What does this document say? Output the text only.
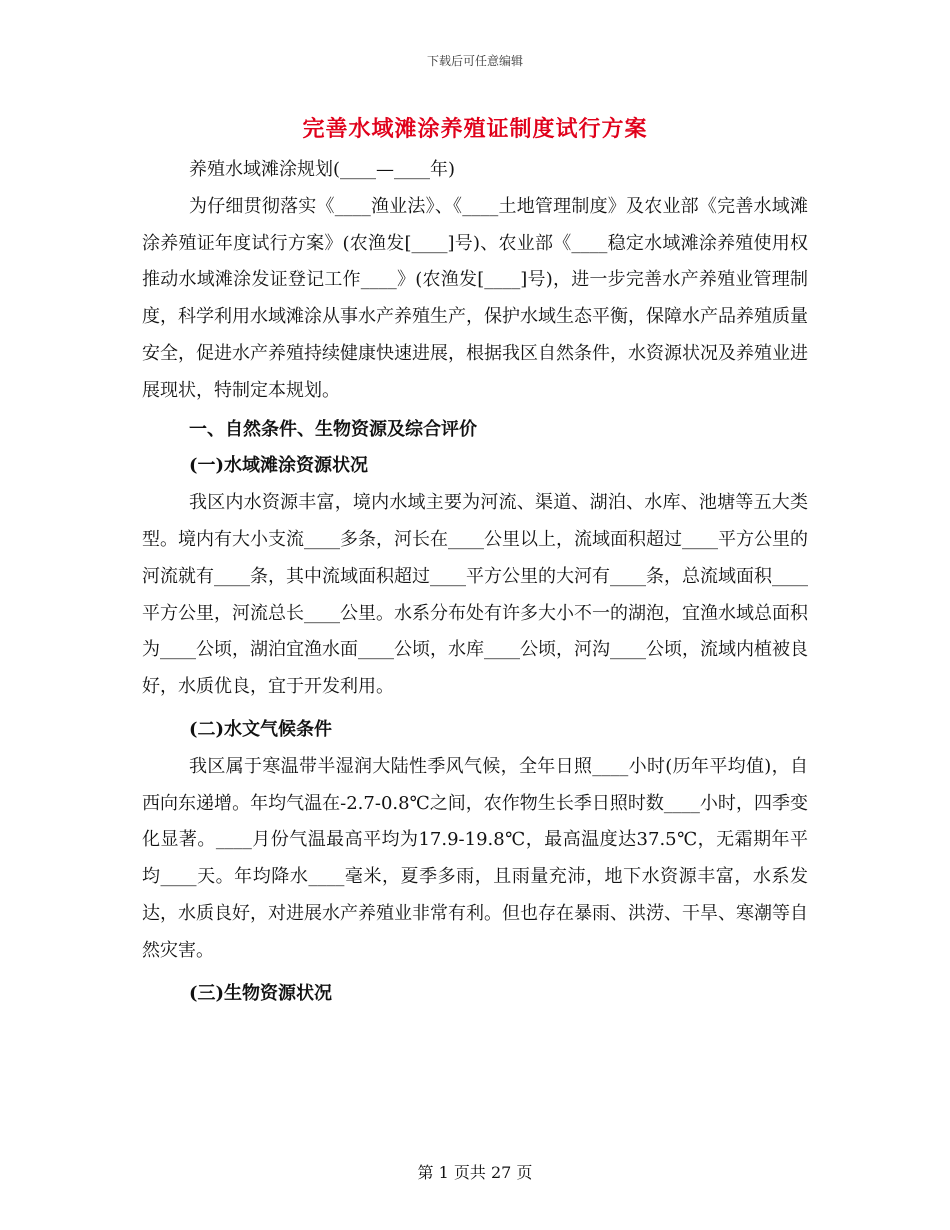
下载后可任意编辑
完善水域滩涂养殖证制度试行方案

养殖水域滩涂规划(____—____年)

为仔细贯彻落实《____渔业法》、《____土地管理制度》及农业部《完善水域滩涂养殖证年度试行方案》(农渔发[____]号)、农业部《____稳定水域滩涂养殖使用权推动水域滩涂发证登记工作____》(农渔发[____]号)，进一步完善水产养殖业管理制度，科学利用水域滩涂从事水产养殖生产，保护水域生态平衡，保障水产品养殖质量安全，促进水产养殖持续健康快速进展，根据我区自然条件，水资源状况及养殖业进展现状，特制定本规划。

一、自然条件、生物资源及综合评价

(一)水域滩涂资源状况

我区内水资源丰富，境内水域主要为河流、渠道、湖泊、水库、池塘等五大类型。境内有大小支流____多条，河长在____公里以上，流域面积超过____平方公里的河流就有____条，其中流域面积超过____平方公里的大河有____条，总流域面积____平方公里，河流总长____公里。水系分布处有许多大小不一的湖泡，宜渔水域总面积为____公顷，湖泊宜渔水面____公顷，水库____公顷，河沟____公顷，流域内植被良好，水质优良，宜于开发利用。

(二)水文气候条件

我区属于寒温带半湿润大陆性季风气候，全年日照____小时(历年平均值)，自西向东递增。年均气温在-2.7-0.8℃之间，农作物生长季日照时数____小时，四季变化显著。____月份气温最高平均为17.9-19.8℃，最高温度达37.5℃，无霜期年平均____天。年均降水____毫米，夏季多雨，且雨量充沛，地下水资源丰富，水系发达，水质良好，对进展水产养殖业非常有利。但也存在暴雨、洪涝、干旱、寒潮等自然灾害。

(三)生物资源状况

第 1 页共 27 页
